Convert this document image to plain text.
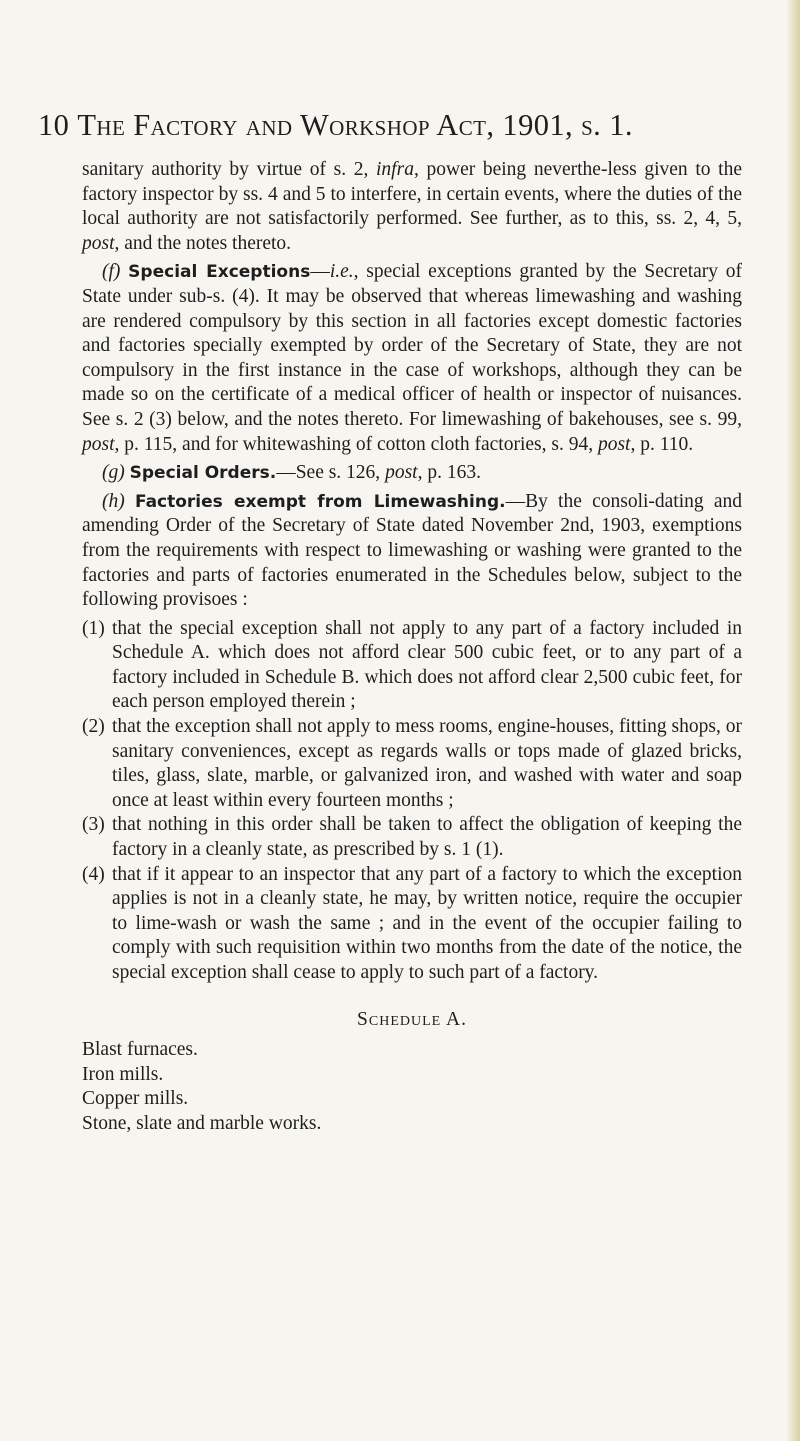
10 The Factory and Workshop Act, 1901, s. 1.

sanitary authority by virtue of s. 2, infra, power being neverthe-less given to the factory inspector by ss. 4 and 5 to interfere, in certain events, where the duties of the local authority are not satisfactorily performed. See further, as to this, ss. 2, 4, 5, post, and the notes thereto.

(f) Special Exceptions—i.e., special exceptions granted by the Secretary of State under sub-s. (4). It may be observed that whereas limewashing and washing are rendered compulsory by this section in all factories except domestic factories and factories specially exempted by order of the Secretary of State, they are not compulsory in the first instance in the case of workshops, although they can be made so on the certificate of a medical officer of health or inspector of nuisances. See s. 2 (3) below, and the notes thereto. For limewashing of bakehouses, see s. 99, post, p. 115, and for whitewashing of cotton cloth factories, s. 94, post, p. 110.

(g) Special Orders.—See s. 126, post, p. 163.

(h) Factories exempt from Limewashing.—By the consoli-dating and amending Order of the Secretary of State dated November 2nd, 1903, exemptions from the requirements with respect to limewashing or washing were granted to the factories and parts of factories enumerated in the Schedules below, subject to the following provisoes :

(1) that the special exception shall not apply to any part of a factory included in Schedule A. which does not afford clear 500 cubic feet, or to any part of a factory included in Schedule B. which does not afford clear 2,500 cubic feet, for each person employed therein ;
(2) that the exception shall not apply to mess rooms, engine-houses, fitting shops, or sanitary conveniences, except as regards walls or tops made of glazed bricks, tiles, glass, slate, marble, or galvanized iron, and washed with water and soap once at least within every fourteen months ;
(3) that nothing in this order shall be taken to affect the obligation of keeping the factory in a cleanly state, as prescribed by s. 1 (1).
(4) that if it appear to an inspector that any part of a factory to which the exception applies is not in a cleanly state, he may, by written notice, require the occupier to lime-wash or wash the same ; and in the event of the occupier failing to comply with such requisition within two months from the date of the notice, the special exception shall cease to apply to such part of a factory.
Schedule A.
Blast furnaces.
Iron mills.
Copper mills.
Stone, slate and marble works.
